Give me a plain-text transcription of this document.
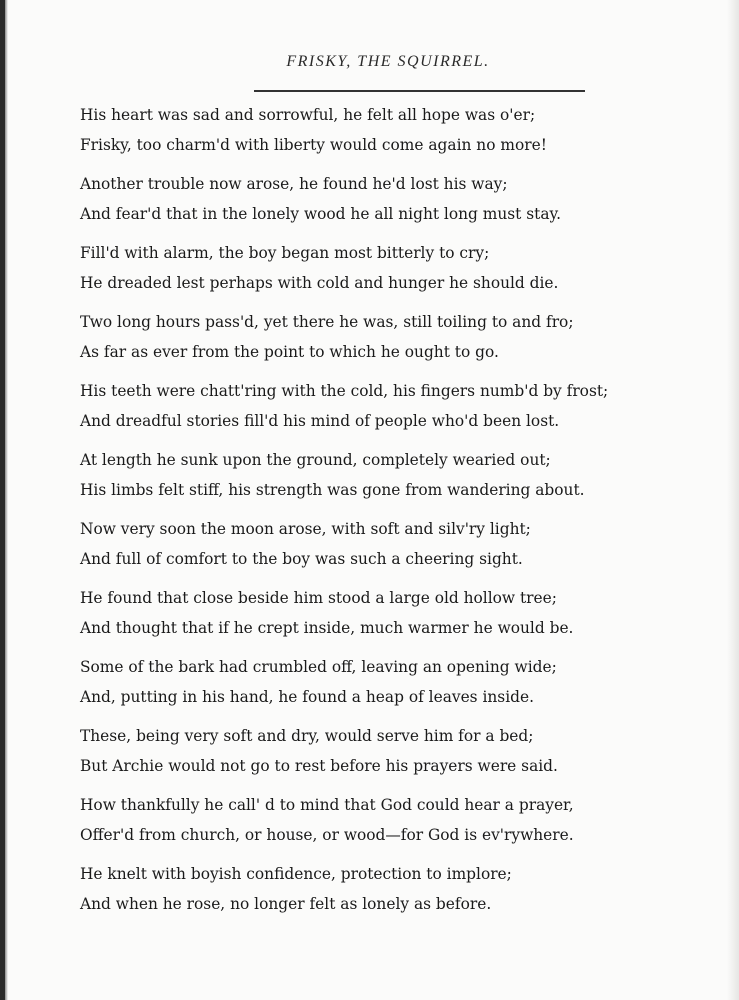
FRISKY, THE SQUIRREL.
His heart was sad and sorrowful, he felt all hope was o'er;
Frisky, too charm'd with liberty would come again no more!
Another trouble now arose, he found he'd lost his way;
And fear'd that in the lonely wood he all night long must stay.
Fill'd with alarm, the boy began most bitterly to cry;
He dreaded lest perhaps with cold and hunger he should die.
Two long hours pass'd, yet there he was, still toiling to and fro;
As far as ever from the point to which he ought to go.
His teeth were chatt'ring with the cold, his fingers numb'd by frost;
And dreadful stories fill'd his mind of people who'd been lost.
At length he sunk upon the ground, completely wearied out;
His limbs felt stiff, his strength was gone from wandering about.
Now very soon the moon arose, with soft and silv'ry light;
And full of comfort to the boy was such a cheering sight.
He found that close beside him stood a large old hollow tree;
And thought that if he crept inside, much warmer he would be.
Some of the bark had crumbled off, leaving an opening wide;
And, putting in his hand, he found a heap of leaves inside.
These, being very soft and dry, would serve him for a bed;
But Archie would not go to rest before his prayers were said.
How thankfully he call' d to mind that God could hear a prayer,
Offer'd from church, or house, or wood—for God is ev'rywhere.
He knelt with boyish confidence, protection to implore;
And when he rose, no longer felt as lonely as before.
